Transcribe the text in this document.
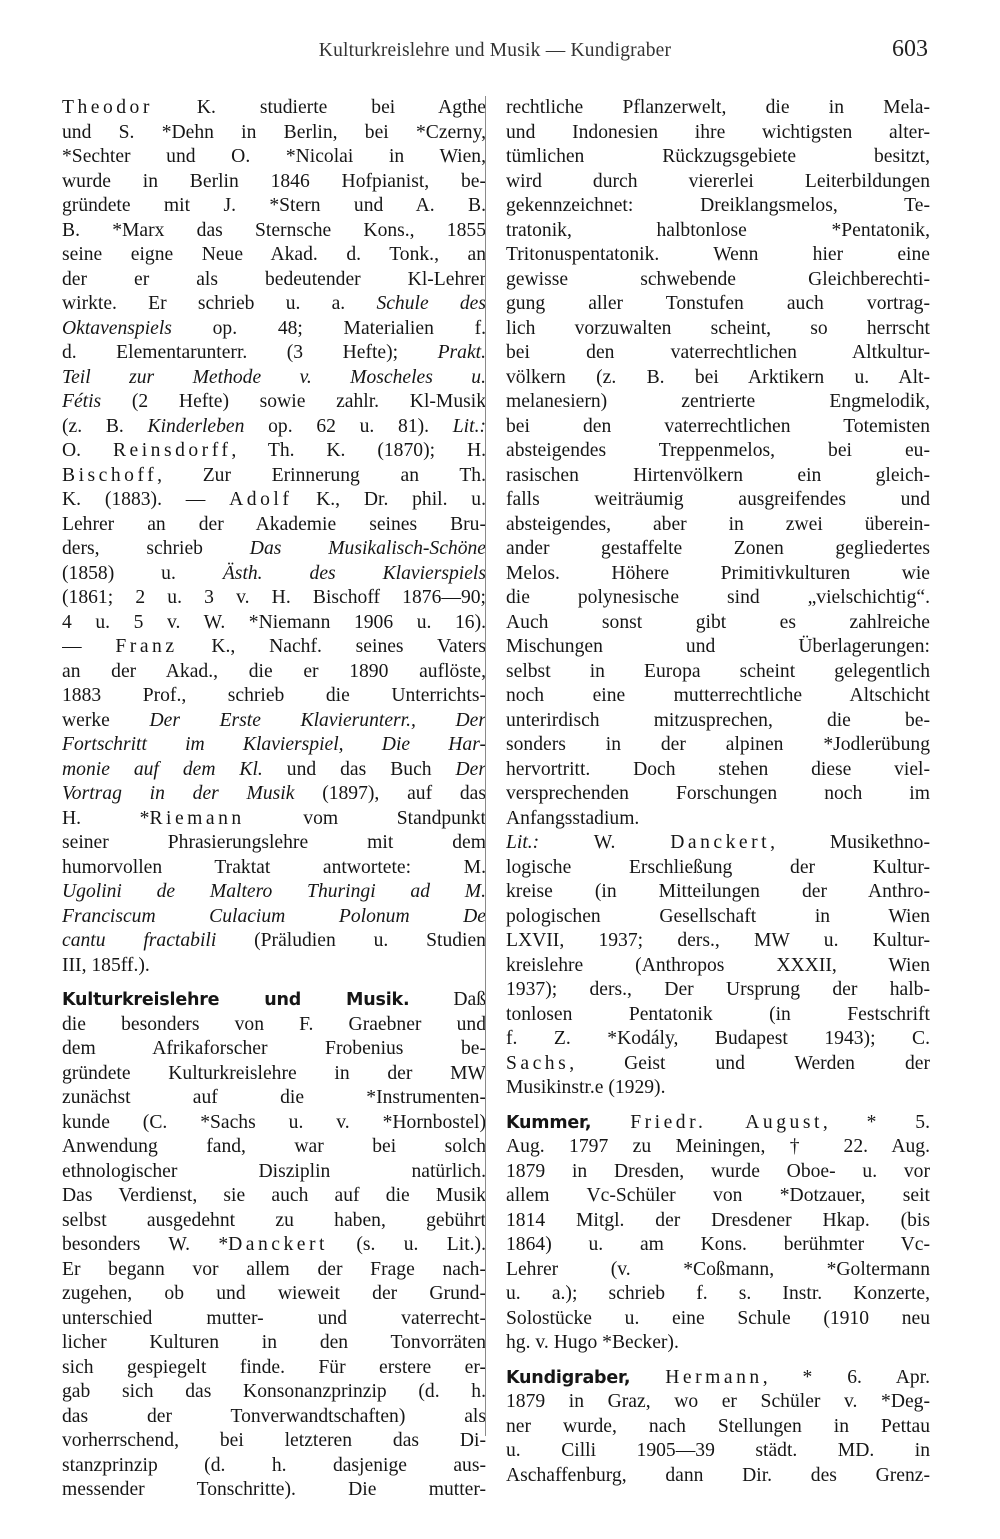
Kulturkreislehre und Musik — Kundigraber	603
Theodor K. studierte bei Agthe
und S. *Dehn in Berlin, bei *Czerny,
*Sechter und O. *Nicolai in Wien,
wurde in Berlin 1846 Hofpianist, be-
gründete mit J. *Stern und A. B.
B. *Marx das Sternsche Kons., 1855
seine eigne Neue Akad. d. Tonk., an
der er als bedeutender Kl-Lehrer
wirkte. Er schrieb u. a. Schule des
Oktavenspiels op. 48; Materialien f.
d. Elementarunterr. (3 Hefte); Prakt.
Teil zur Methode v. Moscheles u.
Fétis (2 Hefte) sowie zahlr. Kl-Musik
(z. B. Kinderleben op. 62 u. 81). Lit.:
O. Reinsdorff, Th. K. (1870); H.
Bischoff, Zur Erinnerung an Th.
K. (1883). — Adolf K., Dr. phil. u.
Lehrer an der Akademie seines Bru-
ders, schrieb Das Musikalisch-Schöne
(1858) u. Ästh. des Klavierspiels
(1861; 2 u. 3 v. H. Bischoff 1876—90;
4 u. 5 v. W. *Niemann 1906 u. 16).
— Franz K., Nachf. seines Vaters
an der Akad., die er 1890 auflöste,
1883 Prof., schrieb die Unterrichts-
werke Der Erste Klavierunterr., Der
Fortschritt im Klavierspiel, Die Har-
monie auf dem Kl. und das Buch Der
Vortrag in der Musik (1897), auf das
H. *Riemann vom Standpunkt
seiner Phrasierungslehre mit dem
humorvollen Traktat antwortete: M.
Ugolini de Maltero Thuringi ad M.
Franciscum Culacium Polonum De
cantu fractabili (Präludien u. Studien
III, 185ff.).
Kulturkreislehre und Musik. Daß
die besonders von F. Graebner und
dem Afrikaforscher Frobenius be-
gründete Kulturkreislehre in der MW
zunächst auf die *Instrumenten-
kunde (C. *Sachs u. v. *Hornbostel)
Anwendung fand, war bei solch
ethnologischer Disziplin natürlich.
Das Verdienst, sie auch auf die Musik
selbst ausgedehnt zu haben, gebührt
besonders W. *Danckert (s. u. Lit.).
Er begann vor allem der Frage nach-
zugehen, ob und wieweit der Grund-
unterschied mutter- und vaterrecht-
licher Kulturen in den Tonvorräten
sich gespiegelt finde. Für erstere er-
gab sich das Konsonanzprinzip (d. h.
das der Tonverwandtschaften) als
vorherrschend, bei letzteren das Di-
stanzprinzip (d. h. dasjenige aus-
messender Tonschritte). Die mutter-
rechtliche Pflanzerwelt, die in Mela-
und Indonesien ihre wichtigsten alter-
tümlichen Rückzugsgebiete besitzt,
wird durch viererlei Leiterbildungen
gekennzeichnet: Dreiklangsmelos, Te-
tratonik, halbtonlose *Pentatonik,
Tritonuspentatonik. Wenn hier eine
gewisse schwebende Gleichberechti-
gung aller Tonstufen auch vortrag-
lich vorzuwalten scheint, so herrscht
bei den vaterrechtlichen Altkultur-
völkern (z. B. bei Arktikern u. Alt-
melanesiern) zentrierte Engmelodik,
bei den vaterrechtlichen Totemisten
absteigendes Treppenmelos, bei eu-
rasischen Hirtenvölkern ein gleich-
falls weiträumig ausgreifendes und
absteigendes, aber in zwei überein-
ander gestaffelte Zonen gegliedertes
Melos. Höhere Primitivkulturen wie
die polynesische sind „vielschichtig“.
Auch sonst gibt es zahlreiche
Mischungen und Überlagerungen:
selbst in Europa scheint gelegentlich
noch eine mutterrechtliche Altschicht
unterirdisch mitzusprechen, die be-
sonders in der alpinen *Jodlerübung
hervortritt. Doch stehen diese viel-
versprechenden Forschungen noch im
Anfangsstadium.
Lit.: W. Danckert, Musikethno-
logische Erschließung der Kultur-
kreise (in Mitteilungen der Anthro-
pologischen Gesellschaft in Wien
LXVII, 1937; ders., MW u. Kultur-
kreislehre (Anthropos XXXII, Wien
1937); ders., Der Ursprung der halb-
tonlosen Pentatonik (in Festschrift
f. Z. *Kodály, Budapest 1943); C.
Sachs, Geist und Werden der
Musikinstr.e (1929).
Kummer, Friedr. August, * 5.
Aug. 1797 zu Meiningen, † 22. Aug.
1879 in Dresden, wurde Oboe- u. vor
allem Vc-Schüler von *Dotzauer, seit
1814 Mitgl. der Dresdener Hkap. (bis
1864) u. am Kons. berühmter Vc-
Lehrer (v. *Coßmann, *Goltermann
u. a.); schrieb f. s. Instr. Konzerte,
Solostücke u. eine Schule (1910 neu
hg. v. Hugo *Becker).
Kundigraber, Hermann, * 6. Apr.
1879 in Graz, wo er Schüler v. *Deg-
ner wurde, nach Stellungen in Pettau
u. Cilli 1905—39 städt. MD. in
Aschaffenburg, dann Dir. des Grenz-
